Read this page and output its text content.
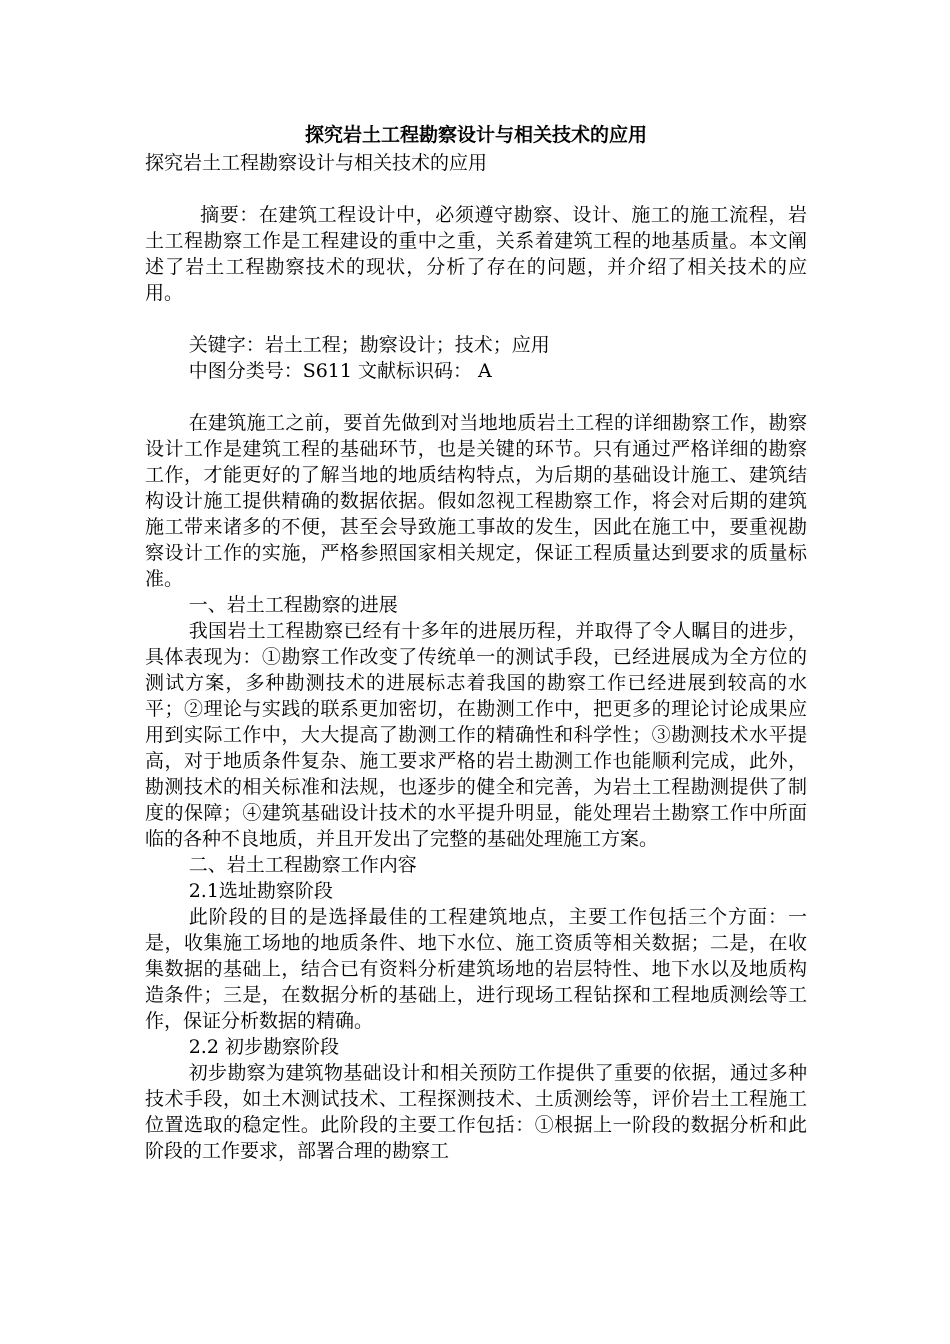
探究岩土工程勘察设计与相关技术的应用
探究岩土工程勘察设计与相关技术的应用

摘要：在建筑工程设计中，必须遵守勘察、设计、施工的施工流程，岩土工程勘察工作是工程建设的重中之重，关系着建筑工程的地基质量。本文阐述了岩土工程勘察技术的现状，分析了存在的问题，并介绍了相关技术的应用。

关键字：岩土工程；勘察设计；技术；应用

中图分类号：S611 文献标识码： A

在建筑施工之前，要首先做到对当地地质岩土工程的详细勘察工作，勘察设计工作是建筑工程的基础环节，也是关键的环节。只有通过严格详细的勘察工作，才能更好的了解当地的地质结构特点，为后期的基础设计施工、建筑结构设计施工提供精确的数据依据。假如忽视工程勘察工作，将会对后期的建筑施工带来诸多的不便，甚至会导致施工事故的发生，因此在施工中，要重视勘察设计工作的实施，严格参照国家相关规定，保证工程质量达到要求的质量标准。

一、岩土工程勘察的进展

我国岩土工程勘察已经有十多年的进展历程，并取得了令人瞩目的进步，具体表现为：①勘察工作改变了传统单一的测试手段，已经进展成为全方位的测试方案，多种勘测技术的进展标志着我国的勘察工作已经进展到较高的水平；②理论与实践的联系更加密切，在勘测工作中，把更多的理论讨论成果应用到实际工作中，大大提高了勘测工作的精确性和科学性；③勘测技术水平提高，对于地质条件复杂、施工要求严格的岩土勘测工作也能顺利完成，此外，勘测技术的相关标准和法规，也逐步的健全和完善，为岩土工程勘测提供了制度的保障；④建筑基础设计技术的水平提升明显，能处理岩土勘察工作中所面临的各种不良地质，并且开发出了完整的基础处理施工方案。

二、岩土工程勘察工作内容

2.1选址勘察阶段

此阶段的目的是选择最佳的工程建筑地点，主要工作包括三个方面：一是，收集施工场地的地质条件、地下水位、施工资质等相关数据；二是，在收集数据的基础上，结合已有资料分析建筑场地的岩层特性、地下水以及地质构造条件；三是，在数据分析的基础上，进行现场工程钻探和工程地质测绘等工作，保证分析数据的精确。

2.2 初步勘察阶段

初步勘察为建筑物基础设计和相关预防工作提供了重要的依据，通过多种技术手段，如土木测试技术、工程探测技术、土质测绘等，评价岩土工程施工位置选取的稳定性。此阶段的主要工作包括：①根据上一阶段的数据分析和此阶段的工作要求，部署合理的勘察工
